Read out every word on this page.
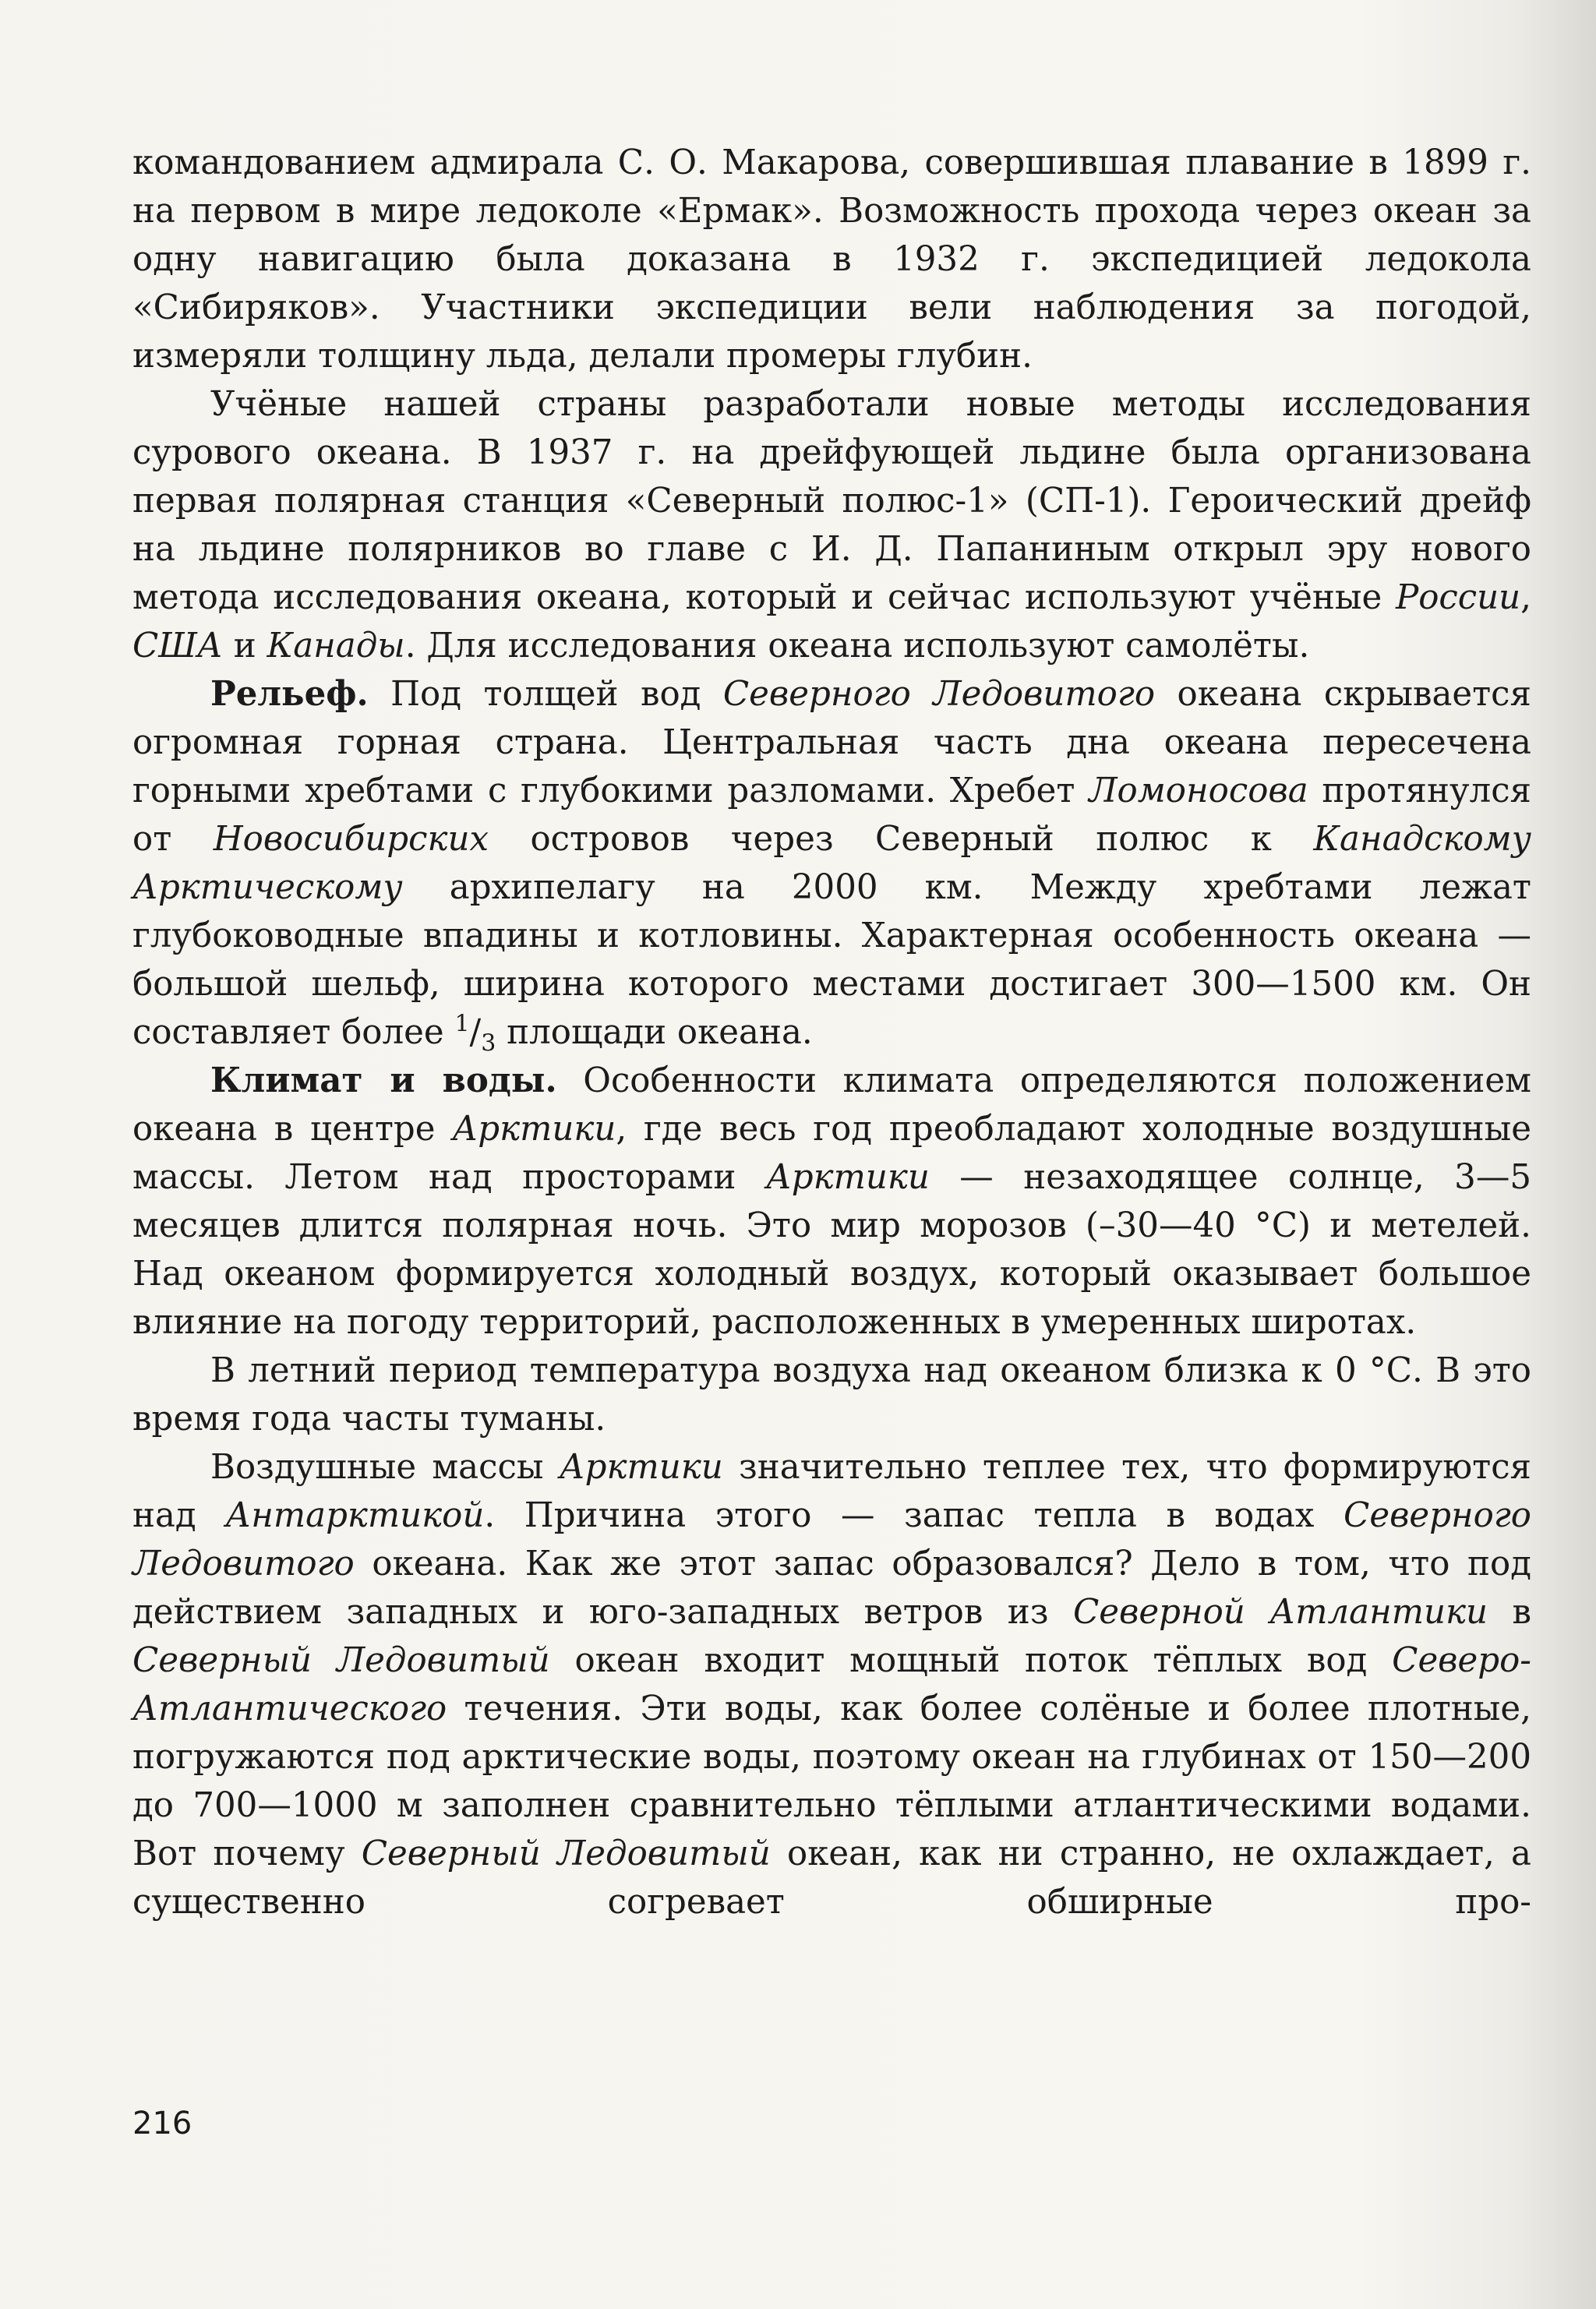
командованием адмирала С. О. Макарова, совершившая плавание в 1899 г. на первом в мире ледоколе «Ермак». Возможность прохода через океан за одну навигацию была доказана в 1932 г. экспедицией ледокола «Сибиряков». Участники экспедиции вели наблюдения за погодой, измеряли толщину льда, делали промеры глубин.

Учёные нашей страны разработали новые методы исследования сурового океана. В 1937 г. на дрейфующей льдине была организована первая полярная станция «Северный полюс-1» (СП-1). Героический дрейф на льдине полярников во главе с И. Д. Папаниным открыл эру нового метода исследования океана, который и сейчас используют учёные России, США и Канады. Для исследования океана используют самолёты.

Рельеф. Под толщей вод Северного Ледовитого океана скрывается огромная горная страна. Центральная часть дна океана пересечена горными хребтами с глубокими разломами. Хребет Ломоносова протянулся от Новосибирских островов через Северный полюс к Канадскому Арктическому архипелагу на 2000 км. Между хребтами лежат глубоководные впадины и котловины. Характерная особенность океана — большой шельф, ширина которого местами достигает 300—1500 км. Он составляет более $^1/_3$ площади океана.

Климат и воды. Особенности климата определяются положением океана в центре Арктики, где весь год преобладают холодные воздушные массы. Летом над просторами Арктики — незаходящее солнце, 3—5 месяцев длится полярная ночь. Это мир морозов (–30—40 °С) и метелей. Над океаном формируется холодный воздух, который оказывает большое влияние на погоду территорий, расположенных в умеренных широтах.

В летний период температура воздуха над океаном близка к 0 °С. В это время года часты туманы.

Воздушные массы Арктики значительно теплее тех, что формируются над Антарктикой. Причина этого — запас тепла в водах Северного Ледовитого океана. Как же этот запас образовался? Дело в том, что под действием западных и юго-западных ветров из Северной Атлантики в Северный Ледовитый океан входит мощный поток тёплых вод Северо-Атлантического течения. Эти воды, как более солёные и более плотные, погружаются под арктические воды, поэтому океан на глубинах от 150—200 до 700—1000 м заполнен сравнительно тёплыми атлантическими водами. Вот почему Северный Ледовитый океан, как ни странно, не охлаждает, а существенно согревает обширные про-

216
